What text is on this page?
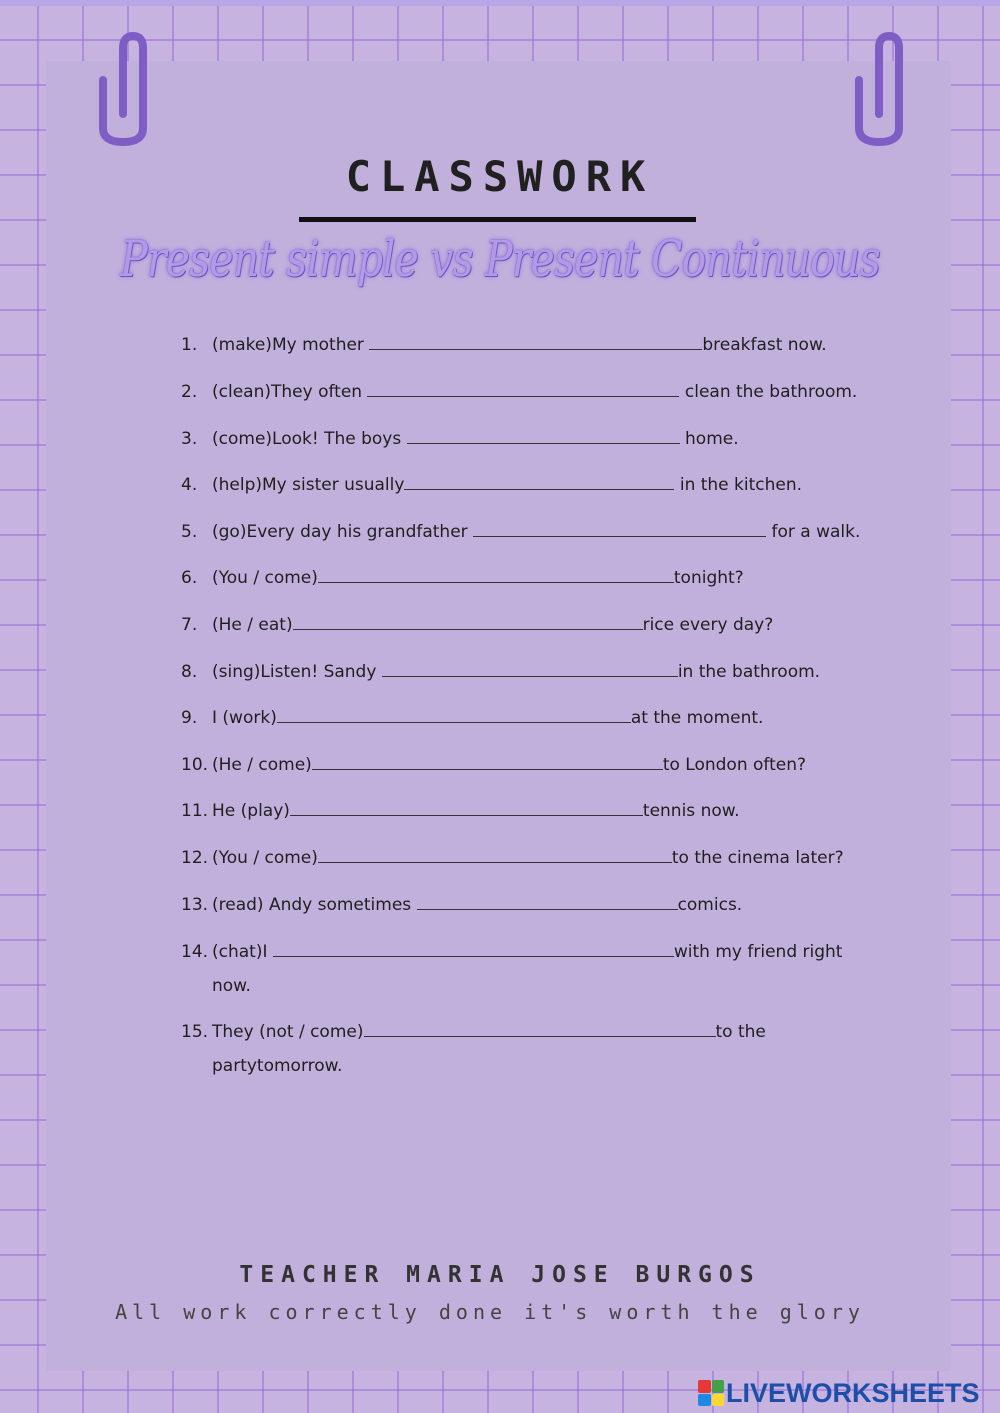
CLASSWORK
Present simple vs Present Continuous
1. (make)My mother	breakfast now.
2. (clean)They often	clean the bathroom.
3. (come)Look! The boys	home.
4. (help)My sister usually	in the kitchen.
5. (go)Every day his grandfather	for a walk.
6. (You / come)	tonight?
7. (He / eat)	rice every day?
8. (sing)Listen! Sandy	in the bathroom.
9. I (work)	at the moment.
10. (He / come)	to London often?
11. He (play)	tennis now.
12. (You / come)	to the cinema later?
13. (read) Andy sometimes	comics.
14. (chat)I	with my friend right
now.
15. They (not / come)	to the
partytomorrow.
TEACHER MARIA JOSE BURGOS
All work correctly done it's worth the glory
LIVEWORKSHEETS
